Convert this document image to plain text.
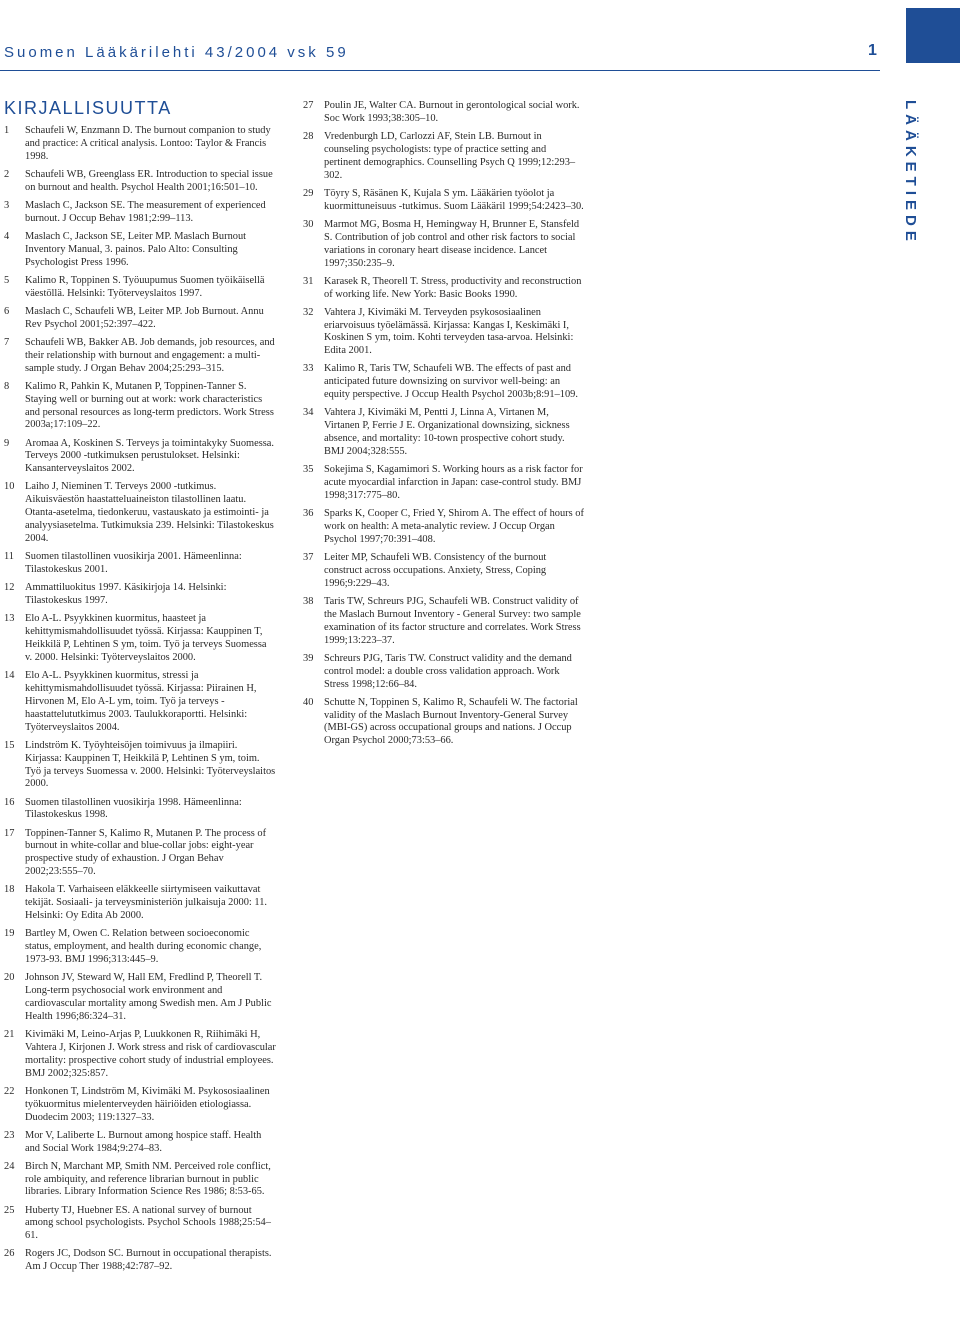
Suomen Lääkärilehti 43/2004 vsk 59	1
LÄÄKETIEDE
KIRJALLISUUTTA
1	Schaufeli W, Enzmann D. The burnout companion to study and practice: A critical analysis. Lontoo: Taylor & Francis 1998.
2	Schaufeli WB, Greenglass ER. Introduction to special issue on burnout and health. Psychol Health 2001;16:501–10.
3	Maslach C, Jackson SE. The measurement of experienced burnout. J Occup Behav 1981;2:99–113.
4	Maslach C, Jackson SE, Leiter MP. Maslach Burnout Inventory Manual, 3. painos. Palo Alto: Consulting Psychologist Press 1996.
5	Kalimo R, Toppinen S. Työuupumus Suomen työikäisellä väestöllä. Helsinki: Työterveyslaitos 1997.
6	Maslach C, Schaufeli WB, Leiter MP. Job Burnout. Annu Rev Psychol 2001;52:397–422.
7	Schaufeli WB, Bakker AB. Job demands, job resources, and their relationship with burnout and engagement: a multi-sample study. J Organ Behav 2004;25:293–315.
8	Kalimo R, Pahkin K, Mutanen P, Toppinen-Tanner S. Staying well or burning out at work: work characteristics and personal resources as long-term predictors. Work Stress 2003a;17:109–22.
9	Aromaa A, Koskinen S. Terveys ja toimintakyky Suomessa. Terveys 2000 -tutkimuksen perustulokset. Helsinki: Kansanterveyslaitos 2002.
10	Laiho J, Nieminen T. Terveys 2000 -tutkimus. Aikuisväestön haastatteluaineiston tilastollinen laatu. Otanta-asetelma, tiedonkeruu, vastauskato ja estimointi- ja analyysiasetelma. Tutkimuksia 239. Helsinki: Tilastokeskus 2004.
11	Suomen tilastollinen vuosikirja 2001. Hämeenlinna: Tilastokeskus 2001.
12	Ammattiluokitus 1997. Käsikirjoja 14. Helsinki: Tilastokeskus 1997.
13	Elo A-L. Psyykkinen kuormitus, haasteet ja kehittymismahdollisuudet työssä. Kirjassa: Kauppinen T, Heikkilä P, Lehtinen S ym, toim. Työ ja terveys Suomessa v. 2000. Helsinki: Työterveyslaitos 2000.
14	Elo A-L. Psyykkinen kuormitus, stressi ja kehittymismahdollisuudet työssä. Kirjassa: Piirainen H, Hirvonen M, Elo A-L ym, toim. Työ ja terveys - haastattelututkimus 2003. Taulukkoraportti. Helsinki: Työterveyslaitos 2004.
15	Lindström K. Työyhteisöjen toimivuus ja ilmapiiri. Kirjassa: Kauppinen T, Heikkilä P, Lehtinen S ym, toim. Työ ja terveys Suomessa v. 2000. Helsinki: Työterveyslaitos 2000.
16	Suomen tilastollinen vuosikirja 1998. Hämeenlinna: Tilastokeskus 1998.
17	Toppinen-Tanner S, Kalimo R, Mutanen P. The process of burnout in white-collar and blue-collar jobs: eight-year prospective study of exhaustion. J Organ Behav 2002;23:555–70.
18	Hakola T. Varhaiseen eläkkeelle siirtymiseen vaikuttavat tekijät. Sosiaali- ja terveysministeriön julkaisuja 2000: 11. Helsinki: Oy Edita Ab 2000.
19	Bartley M, Owen C. Relation between socioeconomic status, employment, and health during economic change, 1973-93. BMJ 1996;313:445–9.
20	Johnson JV, Steward W, Hall EM, Fredlind P, Theorell T. Long-term psychosocial work environment and cardiovascular mortality among Swedish men. Am J Public Health 1996;86:324–31.
21	Kivimäki M, Leino-Arjas P, Luukkonen R, Riihimäki H, Vahtera J, Kirjonen J. Work stress and risk of cardiovascular mortality: prospective cohort study of industrial employees. BMJ 2002;325:857.
22	Honkonen T, Lindström M, Kivimäki M. Psykososiaalinen työkuormitus mielenterveyden häiriöiden etiologiassa. Duodecim 2003; 119:1327–33.
23	Mor V, Laliberte L. Burnout among hospice staff. Health and Social Work 1984;9:274–83.
24	Birch N, Marchant MP, Smith NM. Perceived role conflict, role ambiquity, and reference librarian burnout in public libraries. Library Information Science Res 1986; 8:53-65.
25	Huberty TJ, Huebner ES. A national survey of burnout among school psychologists. Psychol Schools 1988;25:54–61.
26	Rogers JC, Dodson SC. Burnout in occupational therapists. Am J Occup Ther 1988;42:787–92.
27	Poulin JE, Walter CA. Burnout in gerontological social work. Soc Work 1993;38:305–10.
28	Vredenburgh LD, Carlozzi AF, Stein LB. Burnout in counseling psychologists: type of practice setting and pertinent demographics. Counselling Psych Q 1999;12:293–302.
29	Töyry S, Räsänen K, Kujala S ym. Lääkärien työolot ja kuormittuneisuus -tutkimus. Suom Lääkäril 1999;54:2423–30.
30	Marmot MG, Bosma H, Hemingway H, Brunner E, Stansfeld S. Contribution of job control and other risk factors to social variations in coronary heart disease incidence. Lancet 1997;350:235–9.
31	Karasek R, Theorell T. Stress, productivity and reconstruction of working life. New York: Basic Books 1990.
32	Vahtera J, Kivimäki M. Terveyden psykososiaalinen eriarvoisuus työelämässä. Kirjassa: Kangas I, Keskimäki I, Koskinen S ym, toim. Kohti terveyden tasa-arvoa. Helsinki: Edita 2001.
33	Kalimo R, Taris TW, Schaufeli WB. The effects of past and anticipated future downsizing on survivor well-being: an equity perspective. J Occup Health Psychol 2003b;8:91–109.
34	Vahtera J, Kivimäki M, Pentti J, Linna A, Virtanen M, Virtanen P, Ferrie J E. Organizational downsizing, sickness absence, and mortality: 10-town prospective cohort study. BMJ 2004;328:555.
35	Sokejima S, Kagamimori S. Working hours as a risk factor for acute myocardial infarction in Japan: case-control study. BMJ 1998;317:775–80.
36	Sparks K, Cooper C, Fried Y, Shirom A. The effect of hours of work on health: A meta-analytic review. J Occup Organ Psychol 1997;70:391–408.
37	Leiter MP, Schaufeli WB. Consistency of the burnout construct across occupations. Anxiety, Stress, Coping 1996;9:229–43.
38	Taris TW, Schreurs PJG, Schaufeli WB. Construct validity of the Maslach Burnout Inventory - General Survey: two sample examination of its factor structure and correlates. Work Stress 1999;13:223–37.
39	Schreurs PJG, Taris TW. Construct validity and the demand control model: a double cross validation approach. Work Stress 1998;12:66–84.
40	Schutte N, Toppinen S, Kalimo R, Schaufeli W. The factorial validity of the Maslach Burnout Inventory-General Survey (MBI-GS) across occupational groups and nations. J Occup Organ Psychol 2000;73:53–66.
